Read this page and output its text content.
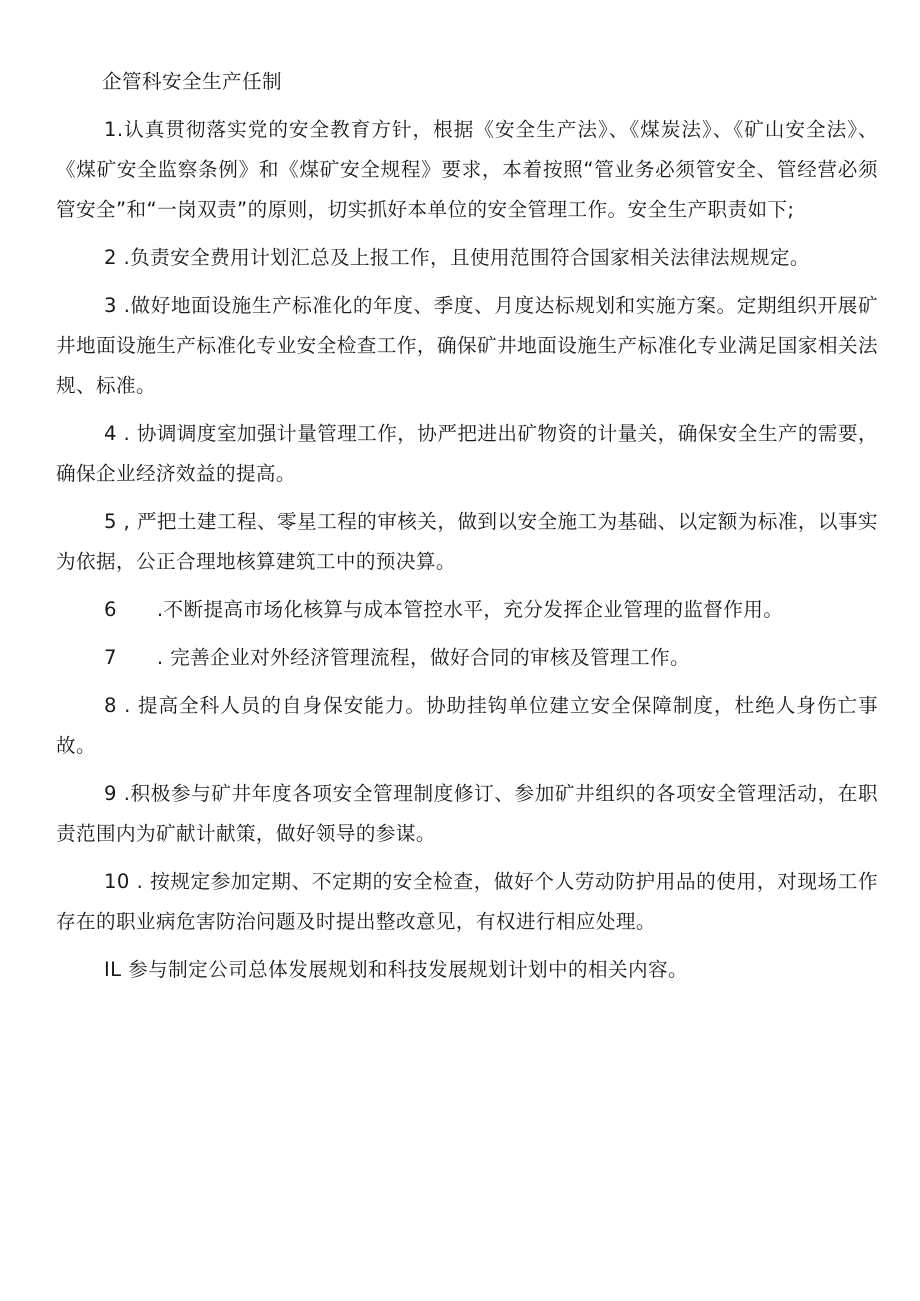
企管科安全生产任制

1.认真贯彻落实党的安全教育方针，根据《安全生产法》、《煤炭法》、《矿山安全法》、《煤矿安全监察条例》和《煤矿安全规程》要求，本着按照“管业务必须管安全、管经营必须管安全”和“一岗双责”的原则，切实抓好本单位的安全管理工作。安全生产职责如下;

2 .负责安全费用计划汇总及上报工作，且使用范围符合国家相关法律法规规定。

3 .做好地面设施生产标准化的年度、季度、月度达标规划和实施方案。定期组织开展矿井地面设施生产标准化专业安全检查工作，确保矿井地面设施生产标准化专业满足国家相关法规、标准。

4 . 协调调度室加强计量管理工作，协严把进出矿物资的计量关，确保安全生产的需要，确保企业经济效益的提高。

5 , 严把土建工程、零星工程的审核关，做到以安全施工为基础、以定额为标准，以事实为依据，公正合理地核算建筑工中的预决算。

6　　.不断提高市场化核算与成本管控水平，充分发挥企业管理的监督作用。

7　　. 完善企业对外经济管理流程，做好合同的审核及管理工作。

8 . 提高全科人员的自身保安能力。协助挂钩单位建立安全保障制度，杜绝人身伤亡事故。

9 .积极参与矿井年度各项安全管理制度修订、参加矿井组织的各项安全管理活动，在职责范围内为矿献计献策，做好领导的参谋。

10 . 按规定参加定期、不定期的安全检查，做好个人劳动防护用品的使用，对现场工作存在的职业病危害防治问题及时提出整改意见，有权进行相应处理。

IL 参与制定公司总体发展规划和科技发展规划计划中的相关内容。
